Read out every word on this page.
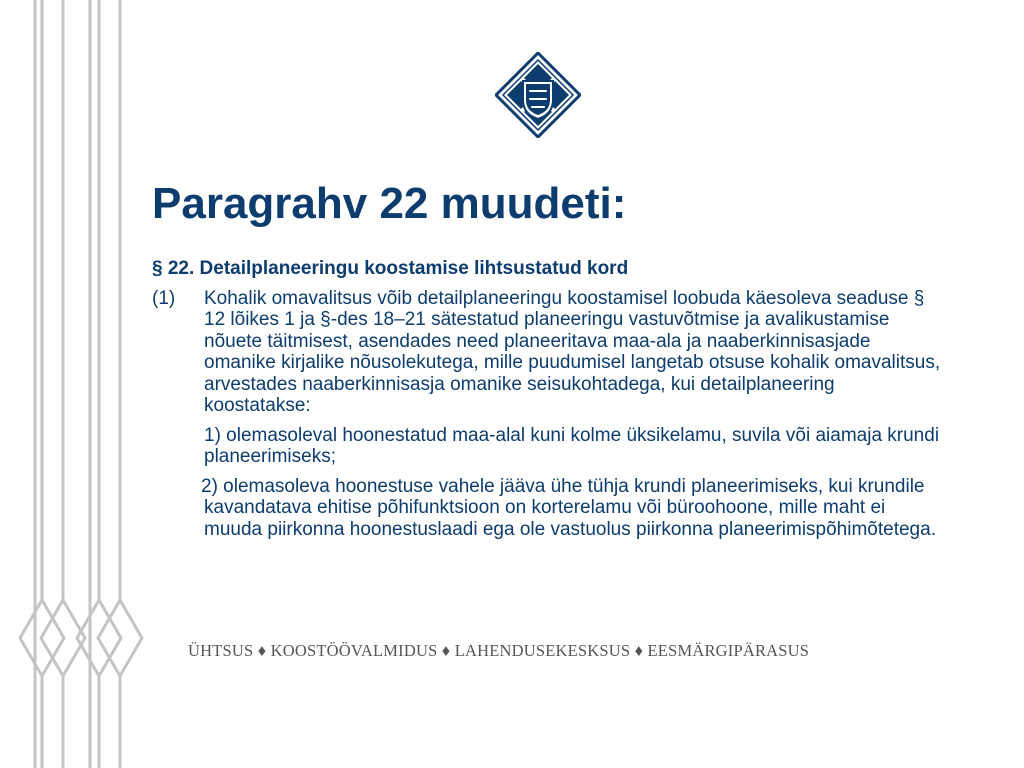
Paragrahv 22 muudeti:

§ 22. Detailplaneeringu koostamise lihtsustatud kord

(1) Kohalik omavalitsus võib detailplaneeringu koostamisel loobuda käesoleva seaduse § 12 lõikes 1 ja §-des 18–21 sätestatud planeeringu vastuvõtmise ja avalikustamise nõuete täitmisest, asendades need planeeritava maa-ala ja naaberkinnisasjade omanike kirjalike nõusolekutega, mille puudumisel langetab otsuse kohalik omavalitsus, arvestades naaberkinnisasja omanike seisukohtadega, kui detailplaneering koostatakse:

1) olemasoleval hoonestatud maa-alal kuni kolme üksikelamu, suvila või aiamaja krundi planeerimiseks;

2) olemasoleva hoonestuse vahele jääva ühe tühja krundi planeerimiseks, kui krundile kavandatava ehitise põhifunktsioon on korterelamu või büroohoone, mille maht ei muuda piirkonna hoonestuslaadi ega ole vastuolus piirkonna planeerimispõhimõtetega.

ÜHTSUS ♦ KOOSTÖÖVALMIDUS ♦ LAHENDUSEKESKSUS ♦ EESMÄRGIPÄRASUS
